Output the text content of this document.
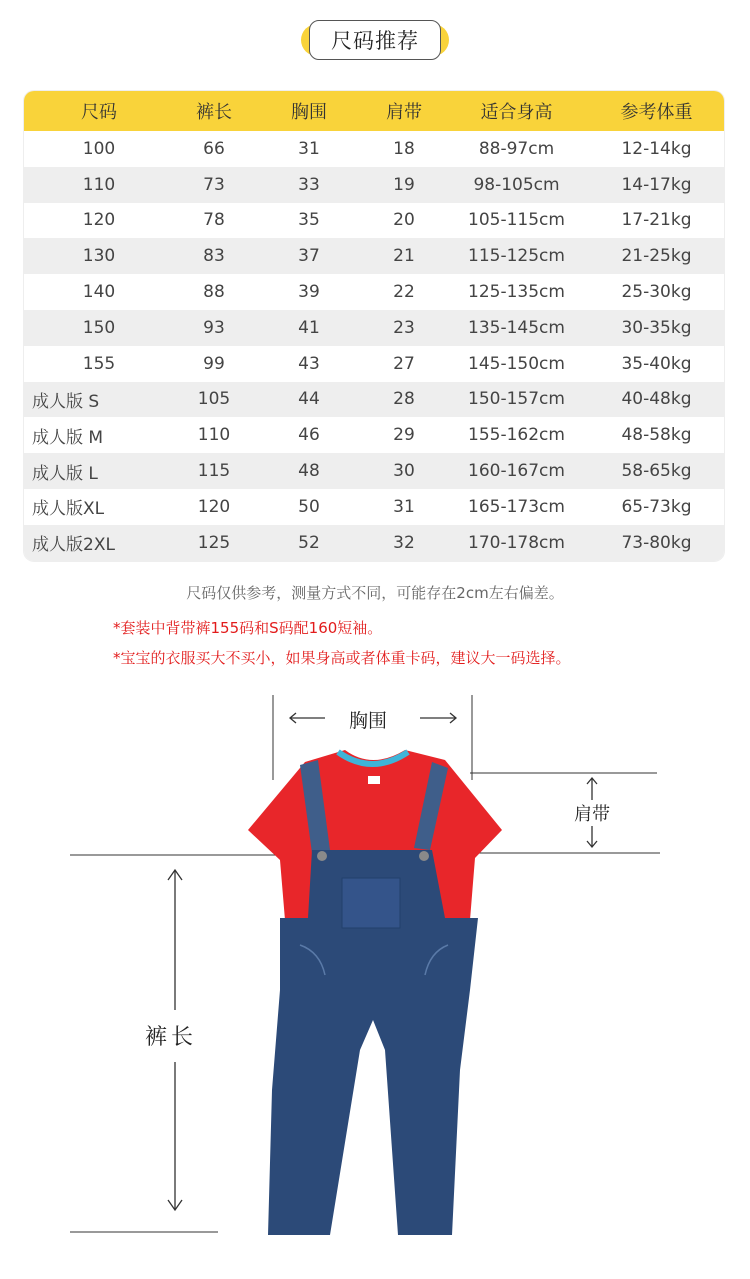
尺码推荐
尺码	裤长	胸围	肩带	适合身高	参考体重
100	66	31	18	88-97cm	12-14kg
110	73	33	19	98-105cm	14-17kg
120	78	35	20	105-115cm	17-21kg
130	83	37	21	115-125cm	21-25kg
140	88	39	22	125-135cm	25-30kg
150	93	41	23	135-145cm	30-35kg
155	99	43	27	145-150cm	35-40kg
成人版 S	105	44	28	150-157cm	40-48kg
成人版 M	110	46	29	155-162cm	48-58kg
成人版 L	115	48	30	160-167cm	58-65kg
成人版XL	120	50	31	165-173cm	65-73kg
成人版2XL	125	52	32	170-178cm	73-80kg
尺码仅供参考，测量方式不同，可能存在2cm左右偏差。
*套装中背带裤155码和S码配160短袖。
*宝宝的衣服买大不买小，如果身高或者体重卡码，建议大一码选择。
胸围
肩带
裤长
